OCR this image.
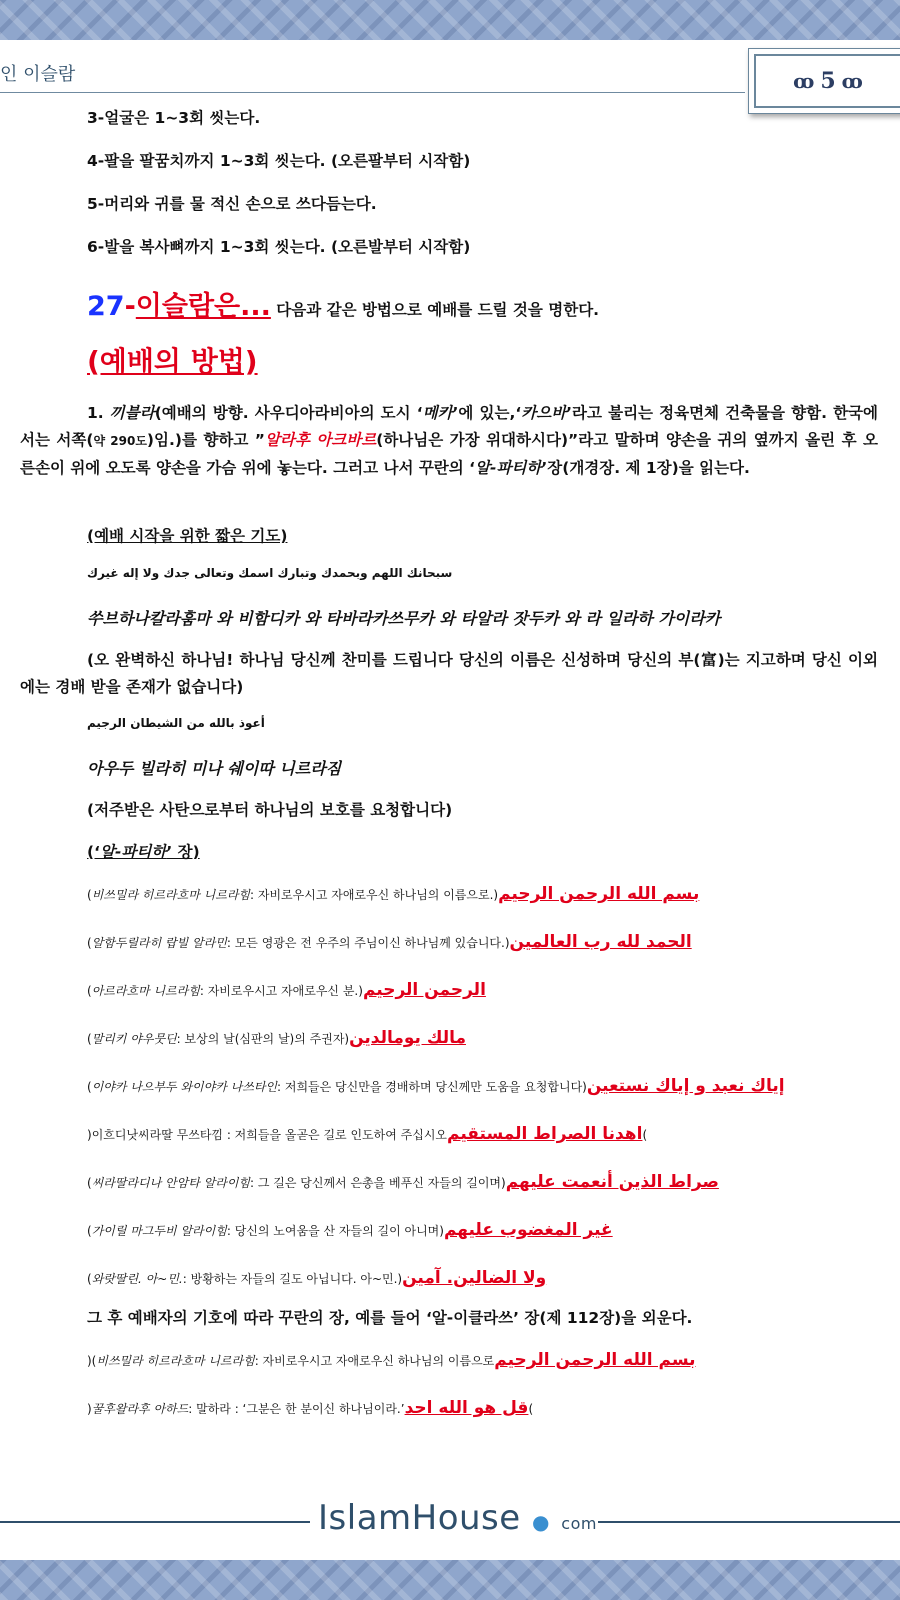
인 이슬람	ꝏ 5 ꝏ
3-얼굴은 1~3회 씻는다.
4-팔을 팔꿈치까지 1~3회 씻는다. (오른팔부터 시작함)
5-머리와 귀를 물 적신 손으로 쓰다듬는다.
6-발을 복사뼈까지 1~3회 씻는다. (오른발부터 시작함)
27-이슬람은... 다음과 같은 방법으로 예배를 드릴 것을 명한다.
(예배의 방법)
1. 끼블라(예배의 방향. 사우디아라비아의 도시 ‘메카’에 있는,‘카으바’라고 불리는 정육면체 건축물을 향함. 한국에서는 서쪽(약 290도)임.)를 향하고 ”알라후 아크바르(하나님은 가장 위대하시다)”라고 말하며 양손을 귀의 옆까지 올린 후 오른손이 위에 오도록 양손을 가슴 위에 놓는다. 그러고 나서 꾸란의 ‘알-파티하’장(개경장. 제 1장)을 읽는다.
(예배 시작을 위한 짧은 기도)
سبحانك اللهم وبحمدك وتبارك اسمك وتعالى جدك ولا إله غيرك
쑤브하나칼라훔마 와 비함디카 와 타바라카쓰무카 와 타알라 잣두카 와 라 일라하 가이라카
(오 완벽하신 하나님! 하나님 당신께 찬미를 드립니다 당신의 이름은 신성하며 당신의 부(富)는 지고하며 당신 이외에는 경배 받을 존재가 없습니다)
أعوذ بالله من الشيطان الرجيم
아우두 빌라히 미나 쉐이따 니르라짐
(저주받은 사탄으로부터 하나님의 보호를 요청합니다)
(‘알-파티하’ 장)
( 비쓰밀라 히르라흐마 니르라힘 : 자비로우시고 자애로우신 하나님의 이름으로.) بسم الله الرحمن الرحيم
( 알함두릴라히 랍빌 알라민 : 모든 영광은 전 우주의 주님이신 하나님께 있습니다.) الحمد لله رب العالمين
( 아르라흐마 니르라힘 : 자비로우시고 자애로우신 분.) الرحمن الرحيم
( 말리키 야우뭇딘 : 보상의 날(심판의 날)의 주권자) مالك يومالدين
( 이야카 나으부두 와이야카 나쓰타인 : 저희들은 당신만을 경배하며 당신께만 도움을 요청합니다) إياك نعبد و إياك نستعين
) 이흐디낫씨라딸 무쓰타낌 : 저희들을 올곧은 길로 인도하여 주십시오 اهدنا الصراط المستقيم (
( 씨라딸라디나 안암타 알라이힘 : 그 길은 당신께서 은총을 베푸신 자들의 길이며) صراط الذين أنعمت عليهم
( 가이릴 마그두비 알라이힘 : 당신의 노여움을 산 자들의 길이 아니며) غير المغضوب عليهم
( 와랏딸린. 아~민. : 방황하는 자들의 길도 아닙니다. 아~민.) ولا الضالين. آمين
그 후 예배자의 기호에 따라 꾸란의 장, 예를 들어 ‘알-이클라쓰’ 장(제 112장)을 외운다.
)( 비쓰밀라 히르라흐마 니르라힘 : 자비로우시고 자애로우신 하나님의 이름으로 بسم الله الرحمن الرحيم
) 꿀후왈라후 아하드 : 말하라 : ‘그분은 한 분이신 하나님이라.’ قل هو الله احد (
IslamHouse ● com
